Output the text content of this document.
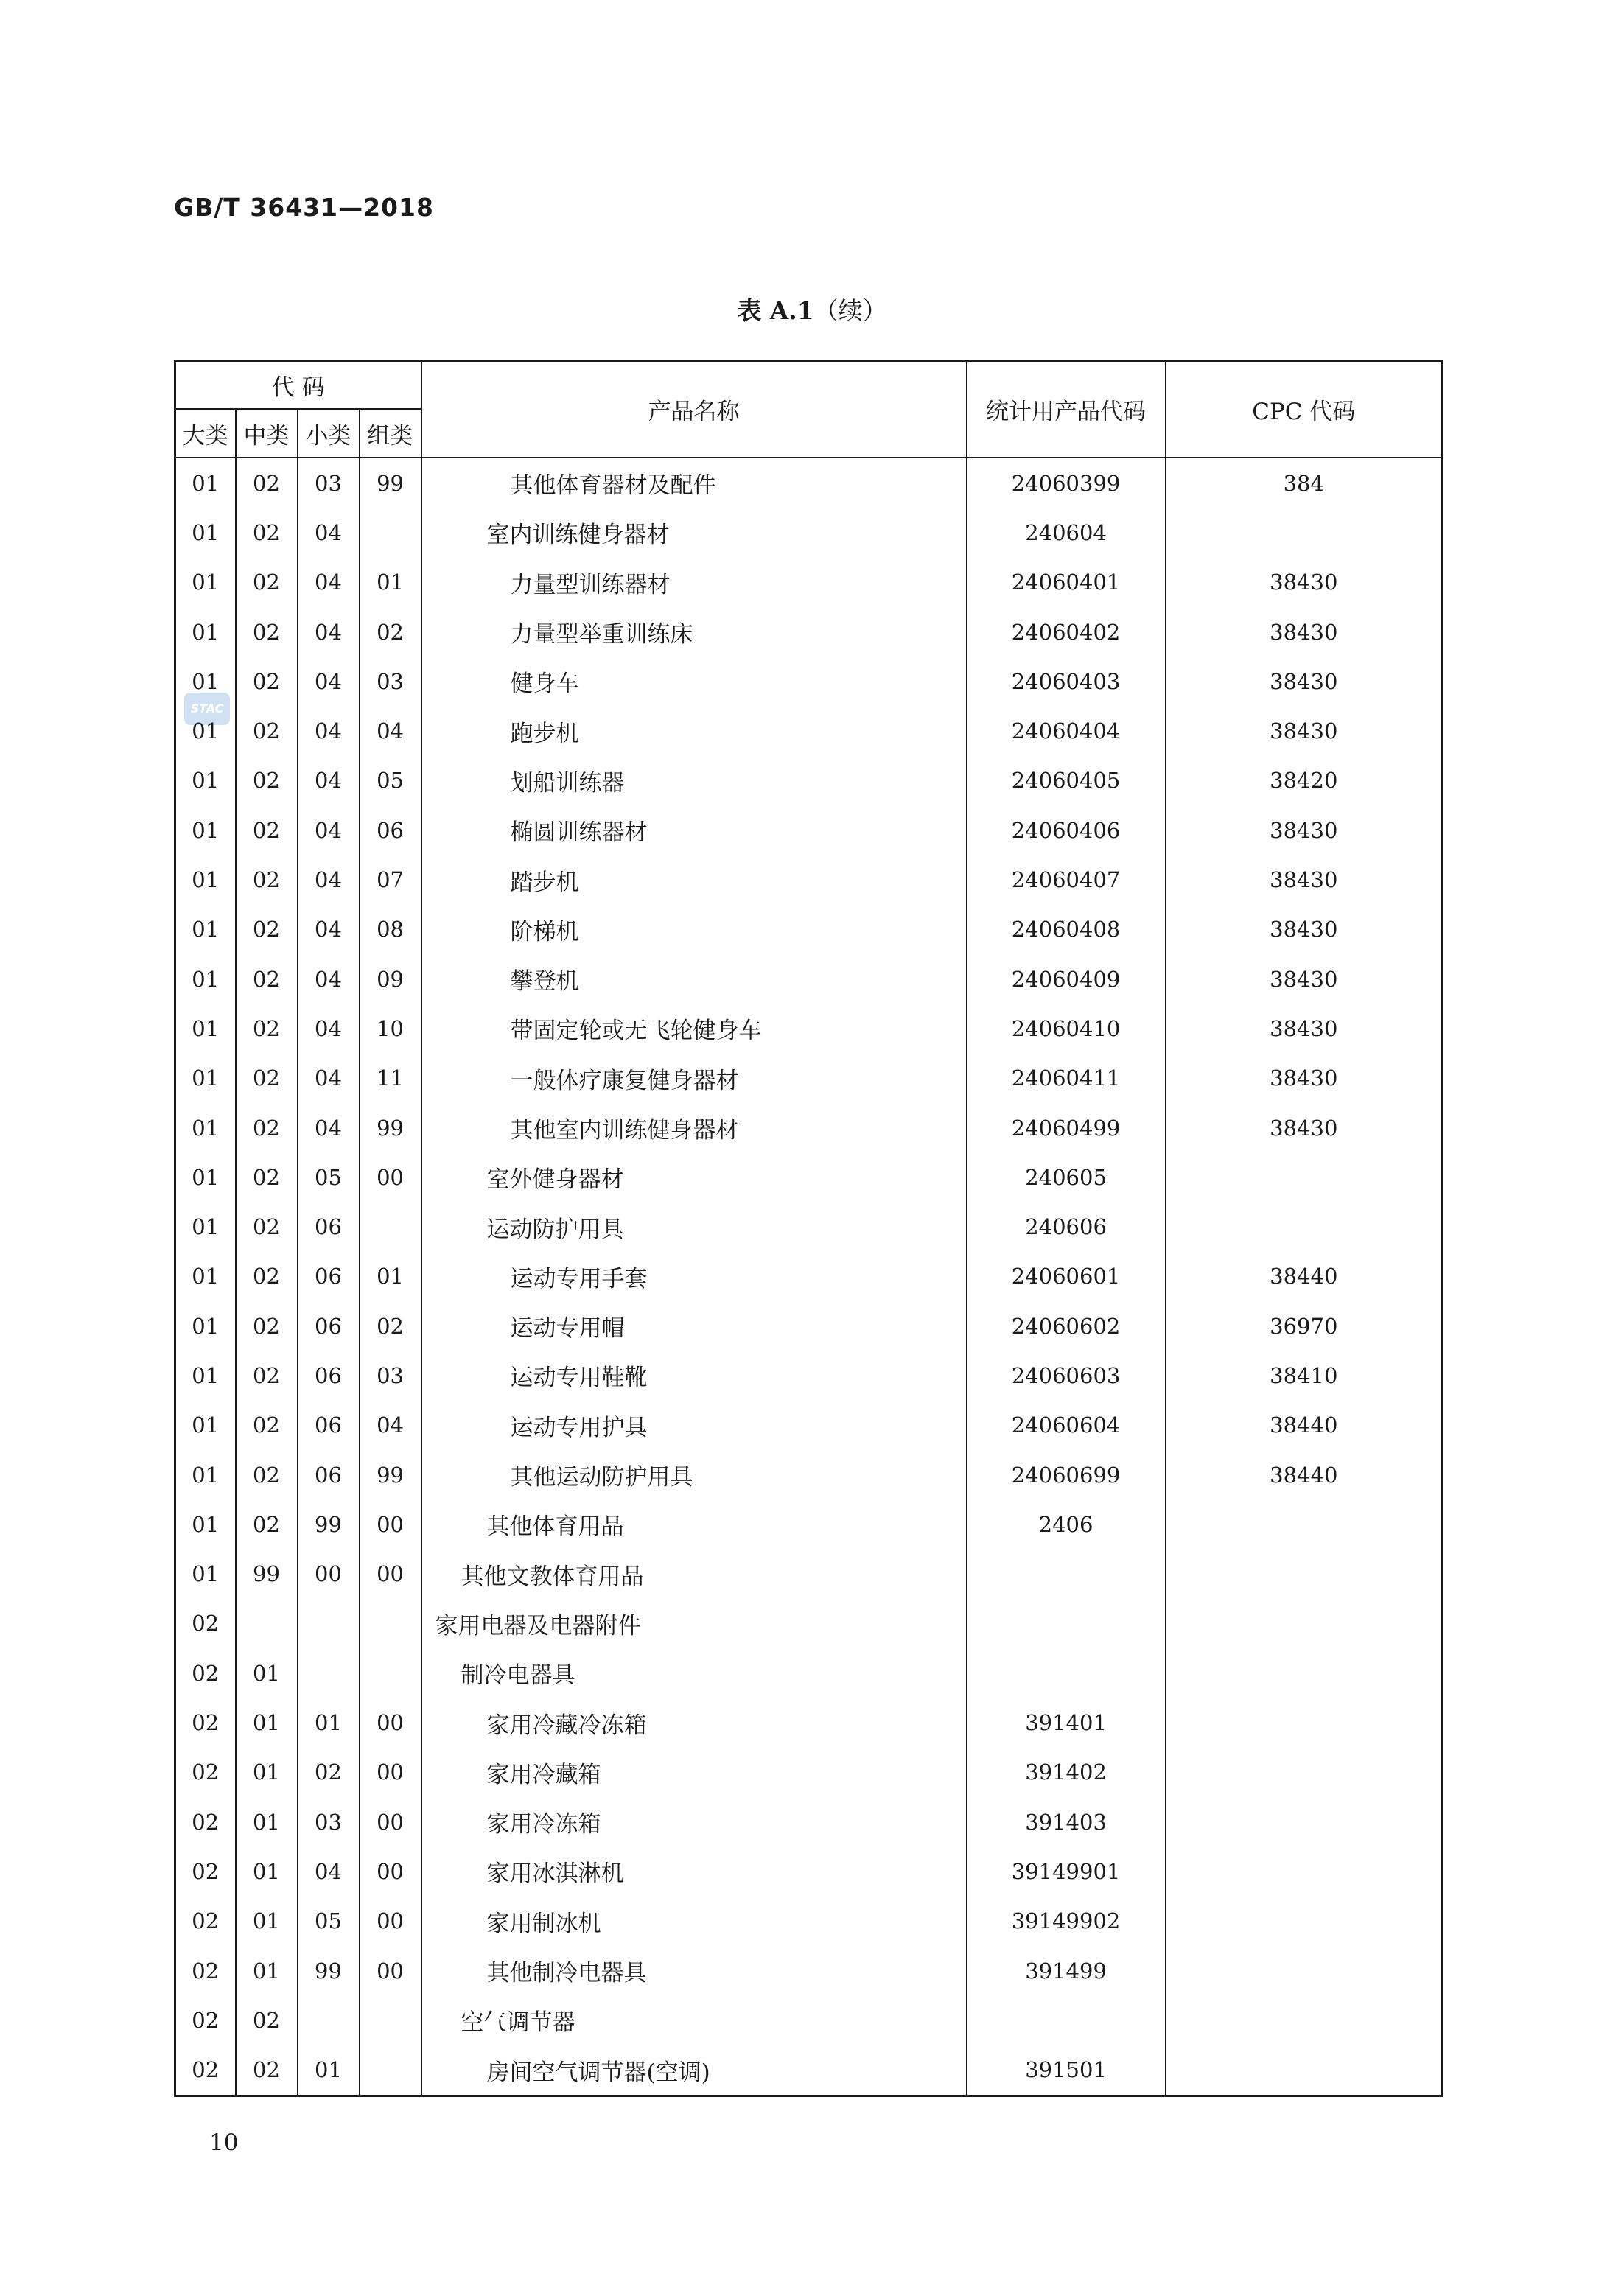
GB/T 36431—2018
表 A.1（续）
STAC
代 码				产品名称	统计用产品代码	CPC 代码
大类	中类	小类	组类			
01	02	03	99	其他体育器材及配件	24060399	384
01	02	04		室内训练健身器材	240604	
01	02	04	01	力量型训练器材	24060401	38430
01	02	04	02	力量型举重训练床	24060402	38430
01	02	04	03	健身车	24060403	38430
01	02	04	04	跑步机	24060404	38430
01	02	04	05	划船训练器	24060405	38420
01	02	04	06	椭圆训练器材	24060406	38430
01	02	04	07	踏步机	24060407	38430
01	02	04	08	阶梯机	24060408	38430
01	02	04	09	攀登机	24060409	38430
01	02	04	10	带固定轮或无飞轮健身车	24060410	38430
01	02	04	11	一般体疗康复健身器材	24060411	38430
01	02	04	99	其他室内训练健身器材	24060499	38430
01	02	05	00	室外健身器材	240605	
01	02	06		运动防护用具	240606	
01	02	06	01	运动专用手套	24060601	38440
01	02	06	02	运动专用帽	24060602	36970
01	02	06	03	运动专用鞋靴	24060603	38410
01	02	06	04	运动专用护具	24060604	38440
01	02	06	99	其他运动防护用具	24060699	38440
01	02	99	00	其他体育用品	2406	
01	99	00	00	其他文教体育用品		
02				家用电器及电器附件		
02	01			制冷电器具		
02	01	01	00	家用冷藏冷冻箱	391401	
02	01	02	00	家用冷藏箱	391402	
02	01	03	00	家用冷冻箱	391403	
02	01	04	00	家用冰淇淋机	39149901	
02	01	05	00	家用制冰机	39149902	
02	01	99	00	其他制冷电器具	391499	
02	02			空气调节器		
02	02	01		房间空气调节器(空调)	391501	
10
